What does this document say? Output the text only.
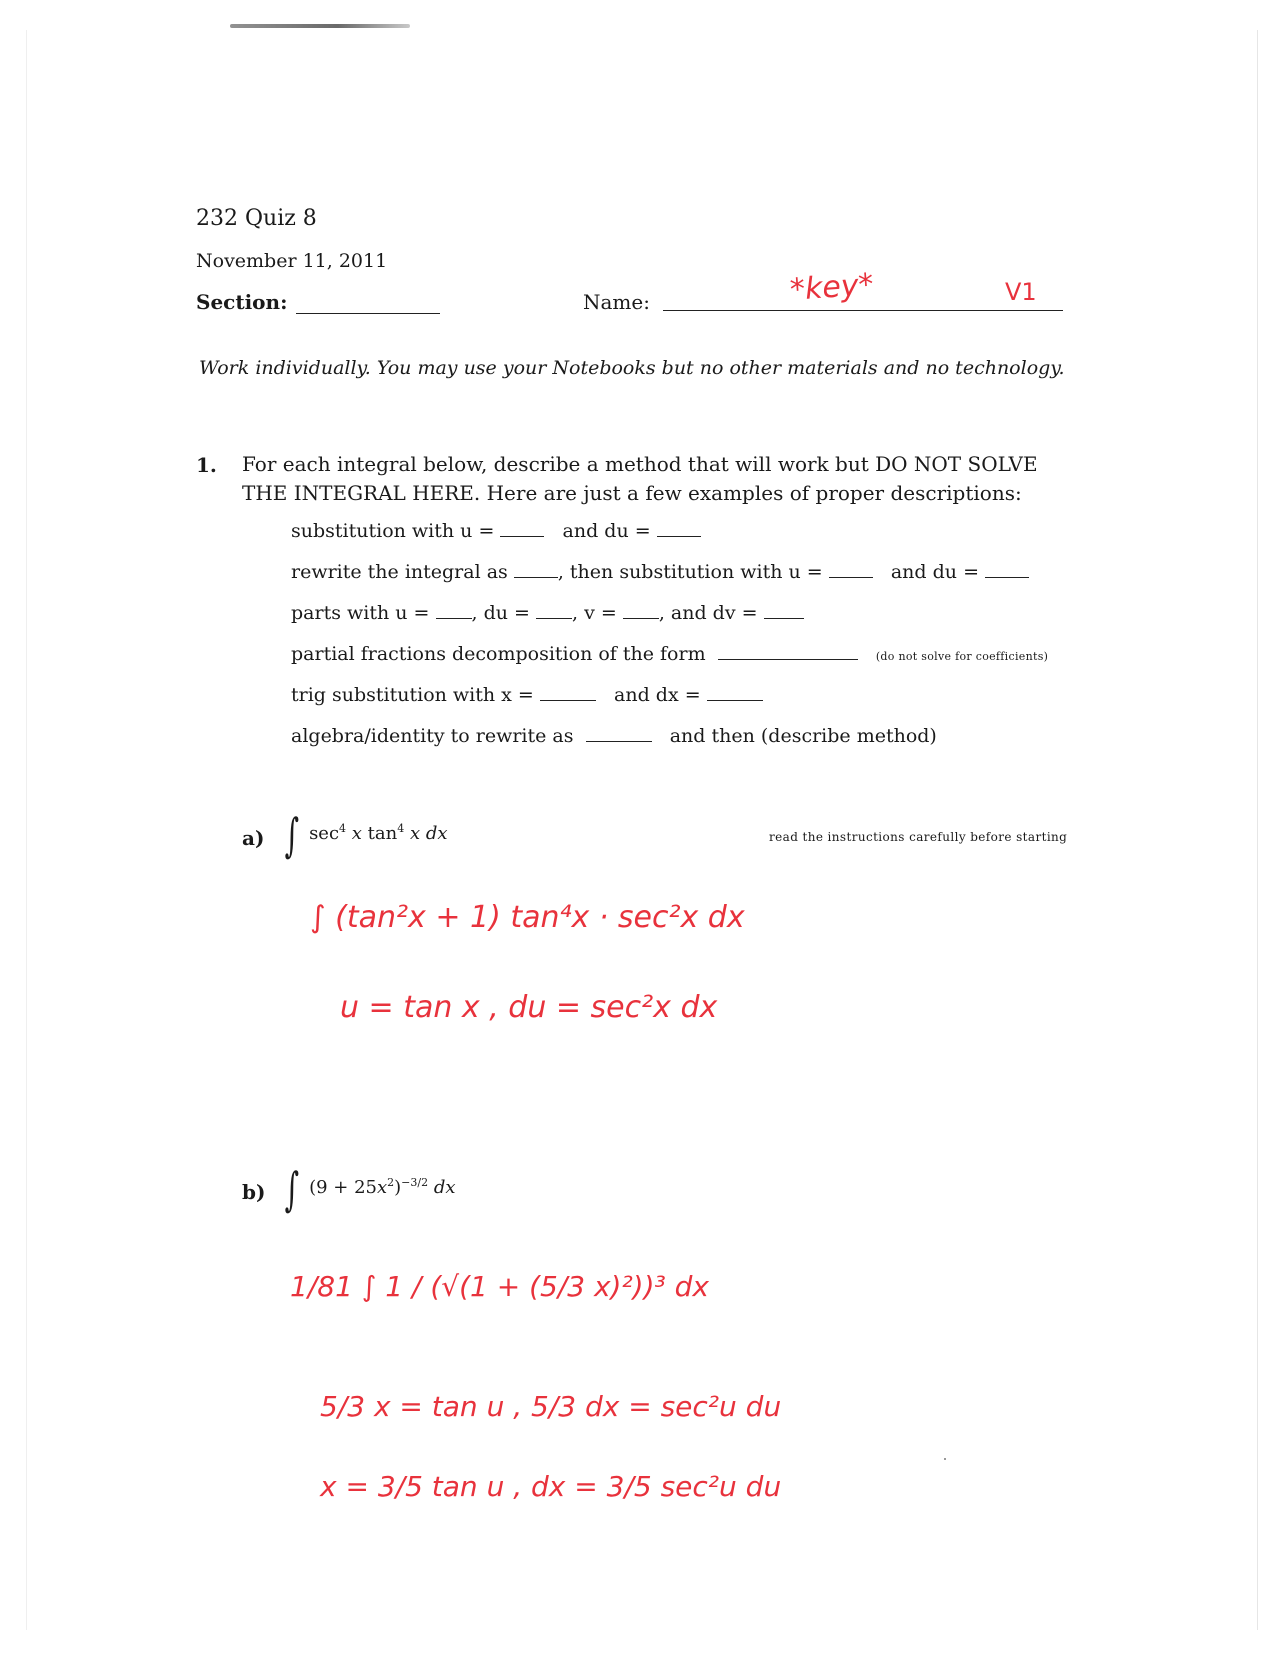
232 Quiz 8
November 11, 2011
Section:	Name:	*key*	V1
Work individually. You may use your Notebooks but no other materials and no technology.
1. For each integral below, describe a method that will work but DO NOT SOLVE THE INTEGRAL HERE. Here are just a few examples of proper descriptions:
substitution with u =	and du =
rewrite the integral as	, then substitution with u =	and du =
parts with u = , du = , v = , and dv =
partial fractions decomposition of the form	(do not solve for coefficients)
trig substitution with x =	and dx =
algebra/identity to rewrite as	and then (describe method)
a) ∫ $\sec^4 x$ $\tan^4 x$ dx	read the instructions carefully before starting
∫ (tan²x + 1) tan⁴x · sec²x dx
u = tan x , du = sec²x dx
b) ∫ $(9 + 25x^2)^{-3/2}$ dx
1/81 ∫ 1 / (√(1 + (5/3 x)²))³ dx
5/3 x = tan u , 5/3 dx = sec²u du
x = 3/5 tan u , dx = 3/5 sec²u du
